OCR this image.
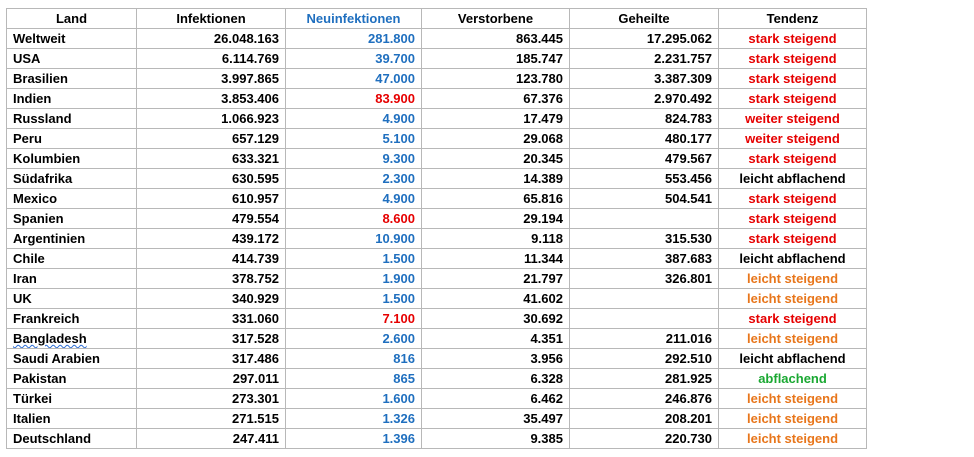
Land	Infektionen	Neuinfektionen	Verstorbene	Geheilte	Tendenz
Weltweit	26.048.163	281.800	863.445	17.295.062	stark steigend
USA	6.114.769	39.700	185.747	2.231.757	stark steigend
Brasilien	3.997.865	47.000	123.780	3.387.309	stark steigend
Indien	3.853.406	83.900	67.376	2.970.492	stark steigend
Russland	1.066.923	4.900	17.479	824.783	weiter steigend
Peru	657.129	5.100	29.068	480.177	weiter steigend
Kolumbien	633.321	9.300	20.345	479.567	stark steigend
Südafrika	630.595	2.300	14.389	553.456	leicht abflachend
Mexico	610.957	4.900	65.816	504.541	stark steigend
Spanien	479.554	8.600	29.194		stark steigend
Argentinien	439.172	10.900	9.118	315.530	stark steigend
Chile	414.739	1.500	11.344	387.683	leicht abflachend
Iran	378.752	1.900	21.797	326.801	leicht steigend
UK	340.929	1.500	41.602		leicht steigend
Frankreich	331.060	7.100	30.692		stark steigend
Bangladesh	317.528	2.600	4.351	211.016	leicht steigend
Saudi Arabien	317.486	816	3.956	292.510	leicht abflachend
Pakistan	297.011	865	6.328	281.925	abflachend
Türkei	273.301	1.600	6.462	246.876	leicht steigend
Italien	271.515	1.326	35.497	208.201	leicht steigend
Deutschland	247.411	1.396	9.385	220.730	leicht steigend
